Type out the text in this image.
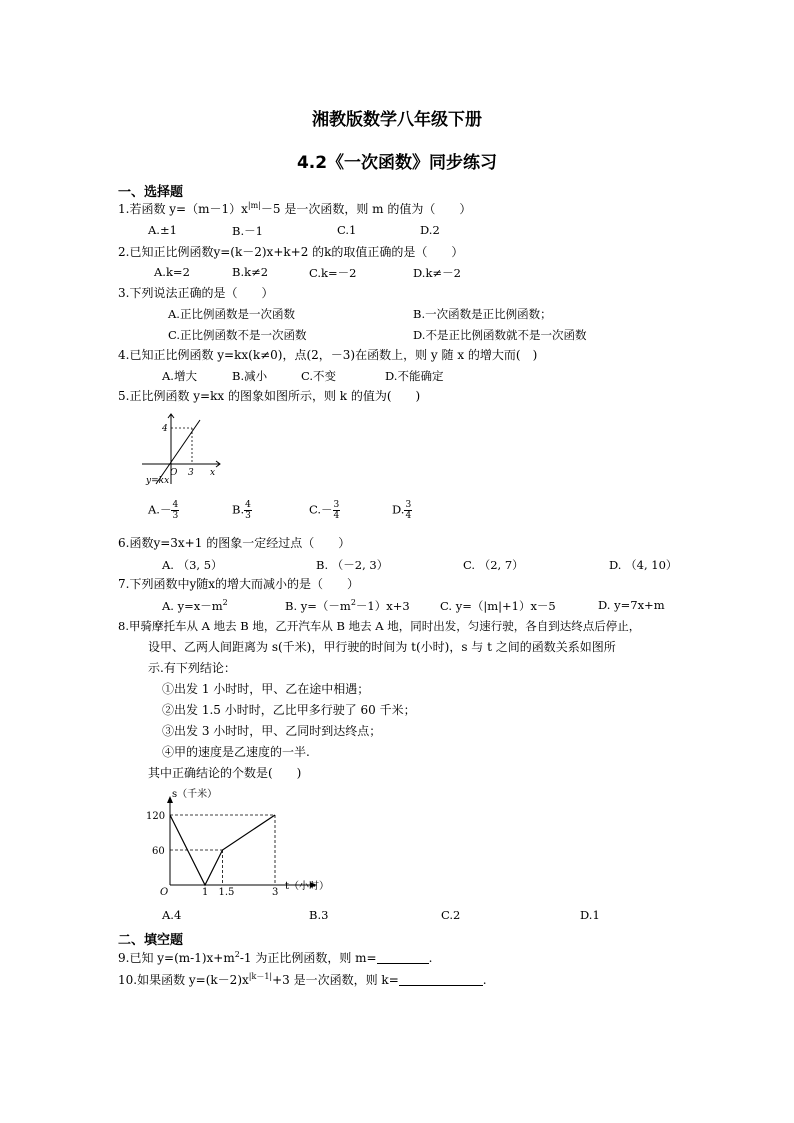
湘教版数学八年级下册
4.2《一次函数》同步练习
一、选择题
1.若函数 $y=(m-1)x^{|m|}-5$ 是一次函数，则 m 的值为（　　）
A.±1	B.－1	C.1	D.2
2.已知正比例函数y=(k－2)x+k+2 的k的取值正确的是（　　）
A.k=2	B.k≠2	C.k=－2	D.k≠－2
3.下列说法正确的是（　　）
A.正比例函数是一次函数	B.一次函数是正比例函数；
C.正比例函数不是一次函数	D.不是正比例函数就不是一次函数
4.已知正比例函数 y=kx(k≠0)，点(2，－3)在函数上，则 y 随 x 的增大而(　)
A.增大	B.减小	C.不变	D.不能确定
5.正比例函数 y=kx 的图象如图所示，则 k 的值为(　　)
4
3
O	x
y=kx
$A.- \frac{4}{3}$	B. $\frac{4}{3}$	$C.- \frac{3}{4}$	D. $\frac{3}{4}$
6.函数y=3x+1 的图象一定经过点（　　）
A. （3, 5）	B. （－2, 3）	C. （2, 7）	D. （4, 10）
7.下列函数中y随x的增大而减小的是（　　）
A. $y=x-m^2$	B. $y=(-m^2-1)x+3$	C. y=（|m|+1）x－5	D. y=7x+m
8.甲骑摩托车从 A 地去 B 地，乙开汽车从 B 地去 A 地，同时出发，匀速行驶，各自到达终点后停止，
设甲、乙两人间距离为 s(千米)，甲行驶的时间为 t(小时)，s 与 t 之间的函数关系如图所
示.有下列结论：
①出发 1 小时时，甲、乙在途中相遇；
②出发 1.5 小时时，乙比甲多行驶了 60 千米；
③出发 3 小时时，甲、乙同时到达终点；
④甲的速度是乙速度的一半.
其中正确结论的个数是(　　)
s（千米）
t（小时）
O
120
60
1 1.5	3
A.4	B.3	C.2	D.1
二、填空题
9.已知 $y=(m-1)x+m^2-1$ 为正比例函数，则 m=	.
10.如果函数 $y=(k-2)x^{|k-1|}+3$ 是一次函数，则 k=	.
